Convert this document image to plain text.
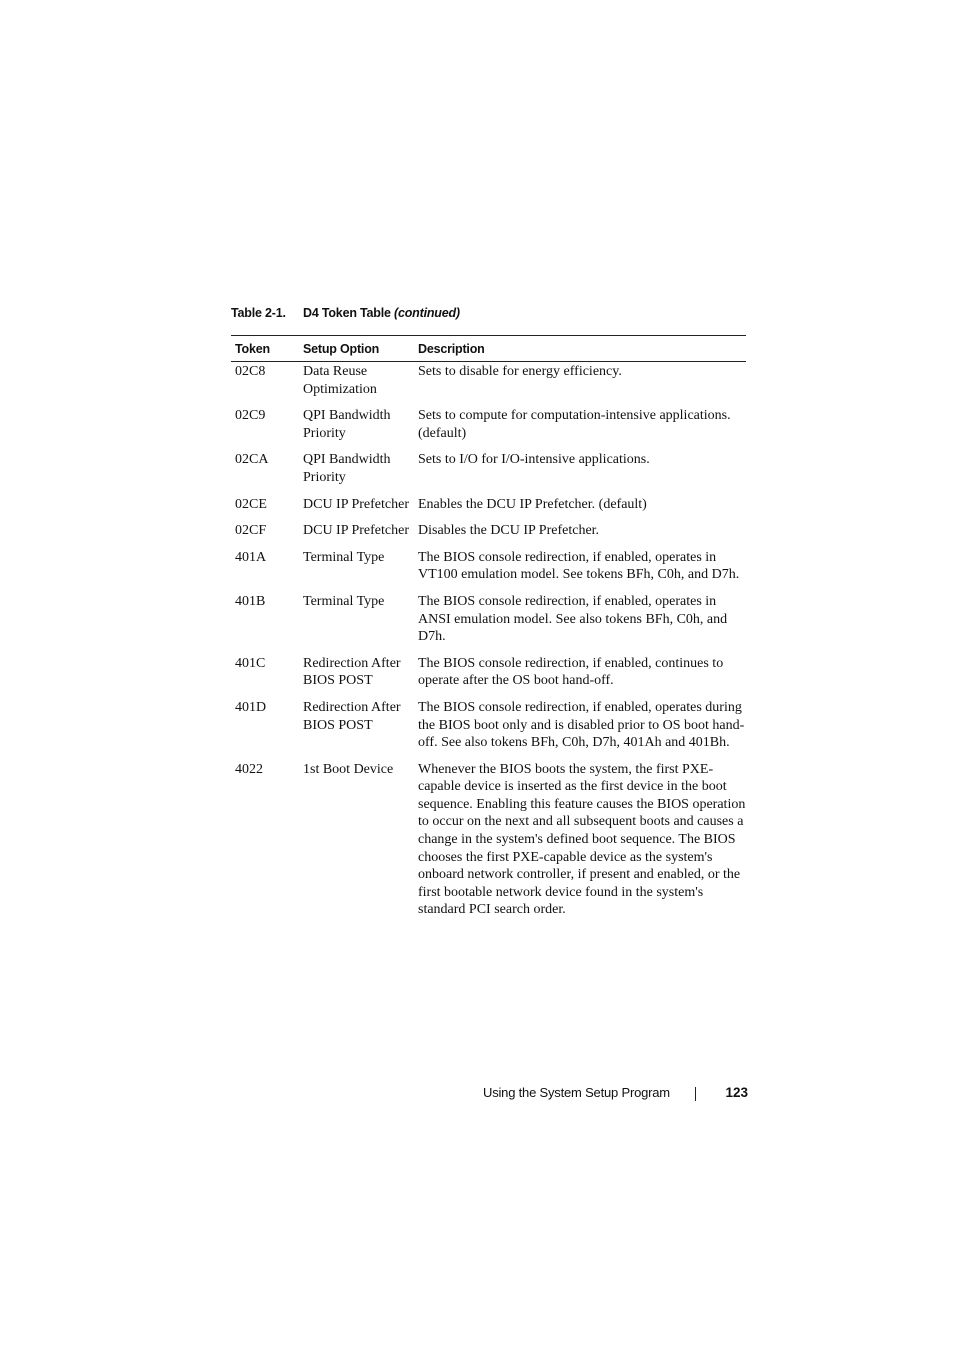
Table 2-1. D4 Token Table (continued)
Token	Setup Option	Description
02C8	Data Reuse Optimization	Sets to disable for energy efficiency.
02C9	QPI Bandwidth Priority	Sets to compute for computation-intensive applications. (default)
02CA	QPI Bandwidth Priority	Sets to I/O for I/O-intensive applications.
02CE	DCU IP Prefetcher	Enables the DCU IP Prefetcher. (default)
02CF	DCU IP Prefetcher	Disables the DCU IP Prefetcher.
401A	Terminal Type	The BIOS console redirection, if enabled, operates in VT100 emulation model. See tokens BFh, C0h, and D7h.
401B	Terminal Type	The BIOS console redirection, if enabled, operates in ANSI emulation model. See also tokens BFh, C0h, and D7h.
401C	Redirection After BIOS POST	The BIOS console redirection, if enabled, continues to operate after the OS boot hand-off.
401D	Redirection After BIOS POST	The BIOS console redirection, if enabled, operates during the BIOS boot only and is disabled prior to OS boot hand-off. See also tokens BFh, C0h, D7h, 401Ah and 401Bh.
4022	1st Boot Device	Whenever the BIOS boots the system, the first PXE-capable device is inserted as the first device in the boot sequence. Enabling this feature causes the BIOS operation to occur on the next and all subsequent boots and causes a change in the system's defined boot sequence. The BIOS chooses the first PXE-capable device as the system's onboard network controller, if present and enabled, or the first bootable network device found in the system's standard PCI search order.
Using the System Setup Program	123
